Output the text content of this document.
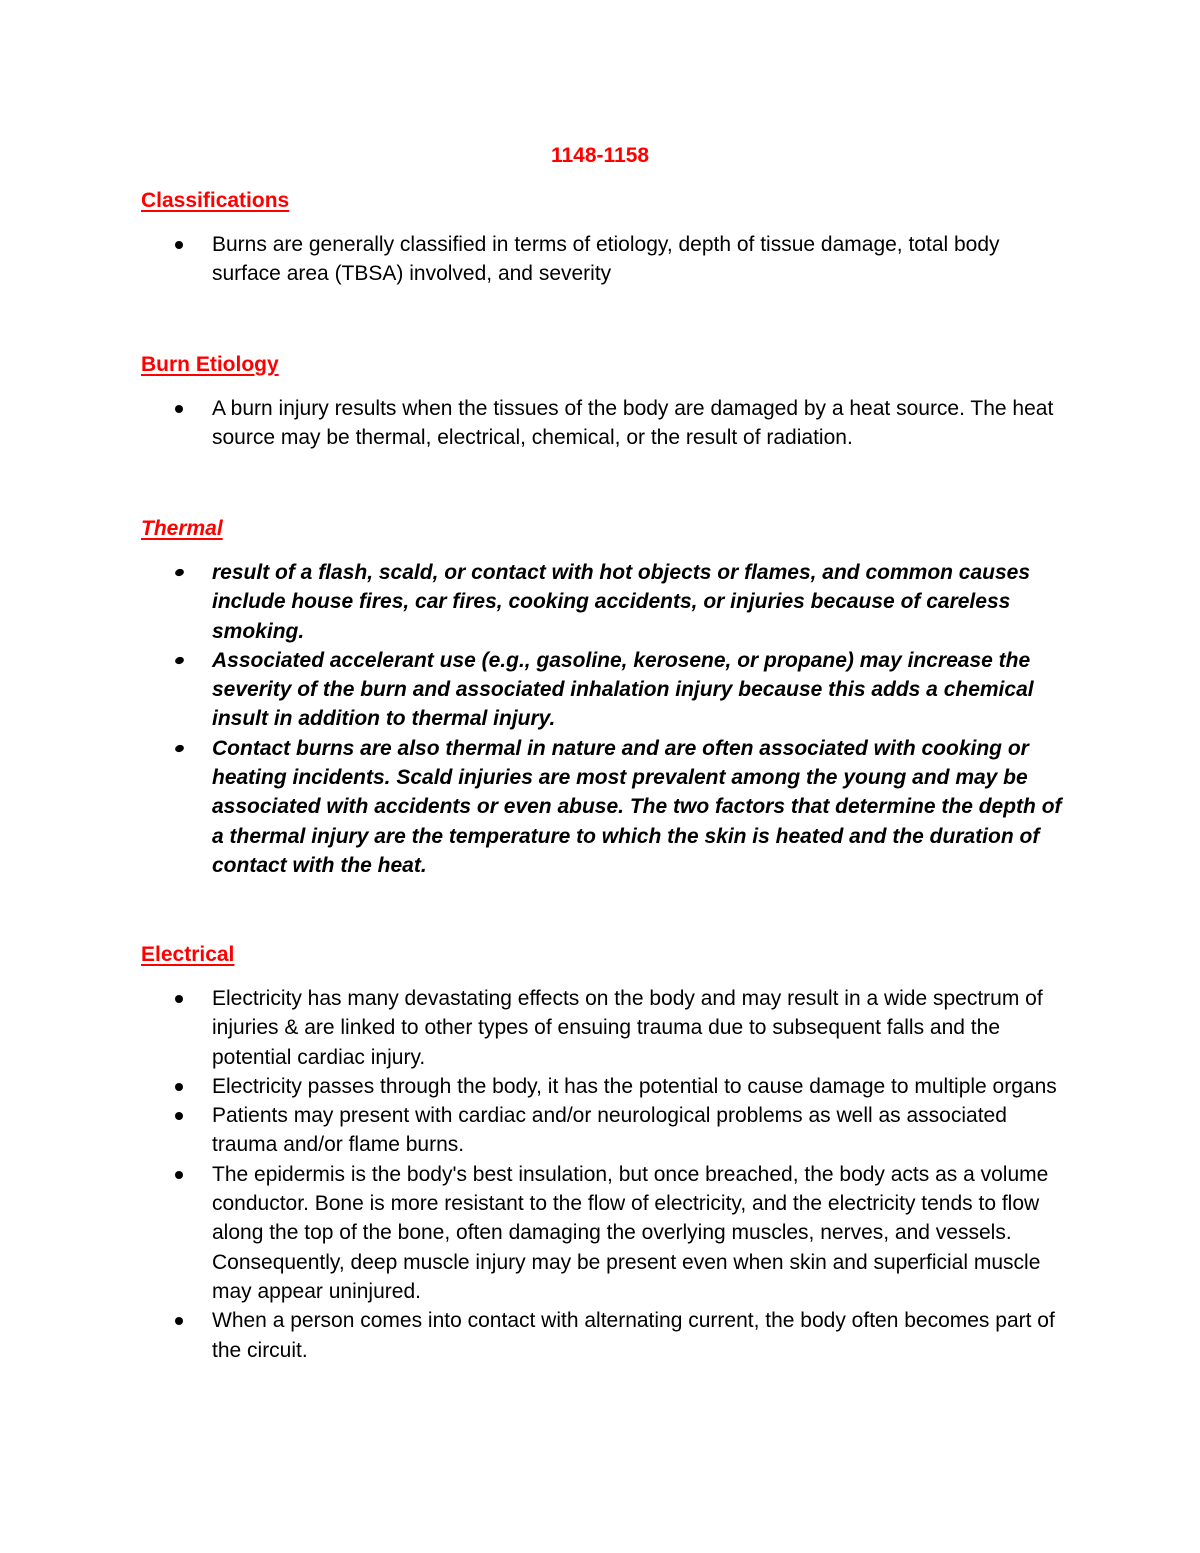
1148-1158
Classifications
Burns are generally classified in terms of etiology, depth of tissue damage, total body surface area (TBSA) involved, and severity
Burn Etiology
A burn injury results when the tissues of the body are damaged by a heat source. The heat source may be thermal, electrical, chemical, or the result of radiation.
Thermal
result of a flash, scald, or contact with hot objects or flames, and common causes include house fires, car fires, cooking accidents, or injuries because of careless smoking.
Associated accelerant use (e.g., gasoline, kerosene, or propane) may increase the severity of the burn and associated inhalation injury because this adds a chemical insult in addition to thermal injury.
Contact burns are also thermal in nature and are often associated with cooking or heating incidents. Scald injuries are most prevalent among the young and may be associated with accidents or even abuse. The two factors that determine the depth of a thermal injury are the temperature to which the skin is heated and the duration of contact with the heat.
Electrical
Electricity has many devastating effects on the body and may result in a wide spectrum of injuries & are linked to other types of ensuing trauma due to subsequent falls and the potential cardiac injury.
Electricity passes through the body, it has the potential to cause damage to multiple organs
Patients may present with cardiac and/or neurological problems as well as associated trauma and/or flame burns.
The epidermis is the body's best insulation, but once breached, the body acts as a volume conductor. Bone is more resistant to the flow of electricity, and the electricity tends to flow along the top of the bone, often damaging the overlying muscles, nerves, and vessels. Consequently, deep muscle injury may be present even when skin and superficial muscle may appear uninjured.
When a person comes into contact with alternating current, the body often becomes part of the circuit.
